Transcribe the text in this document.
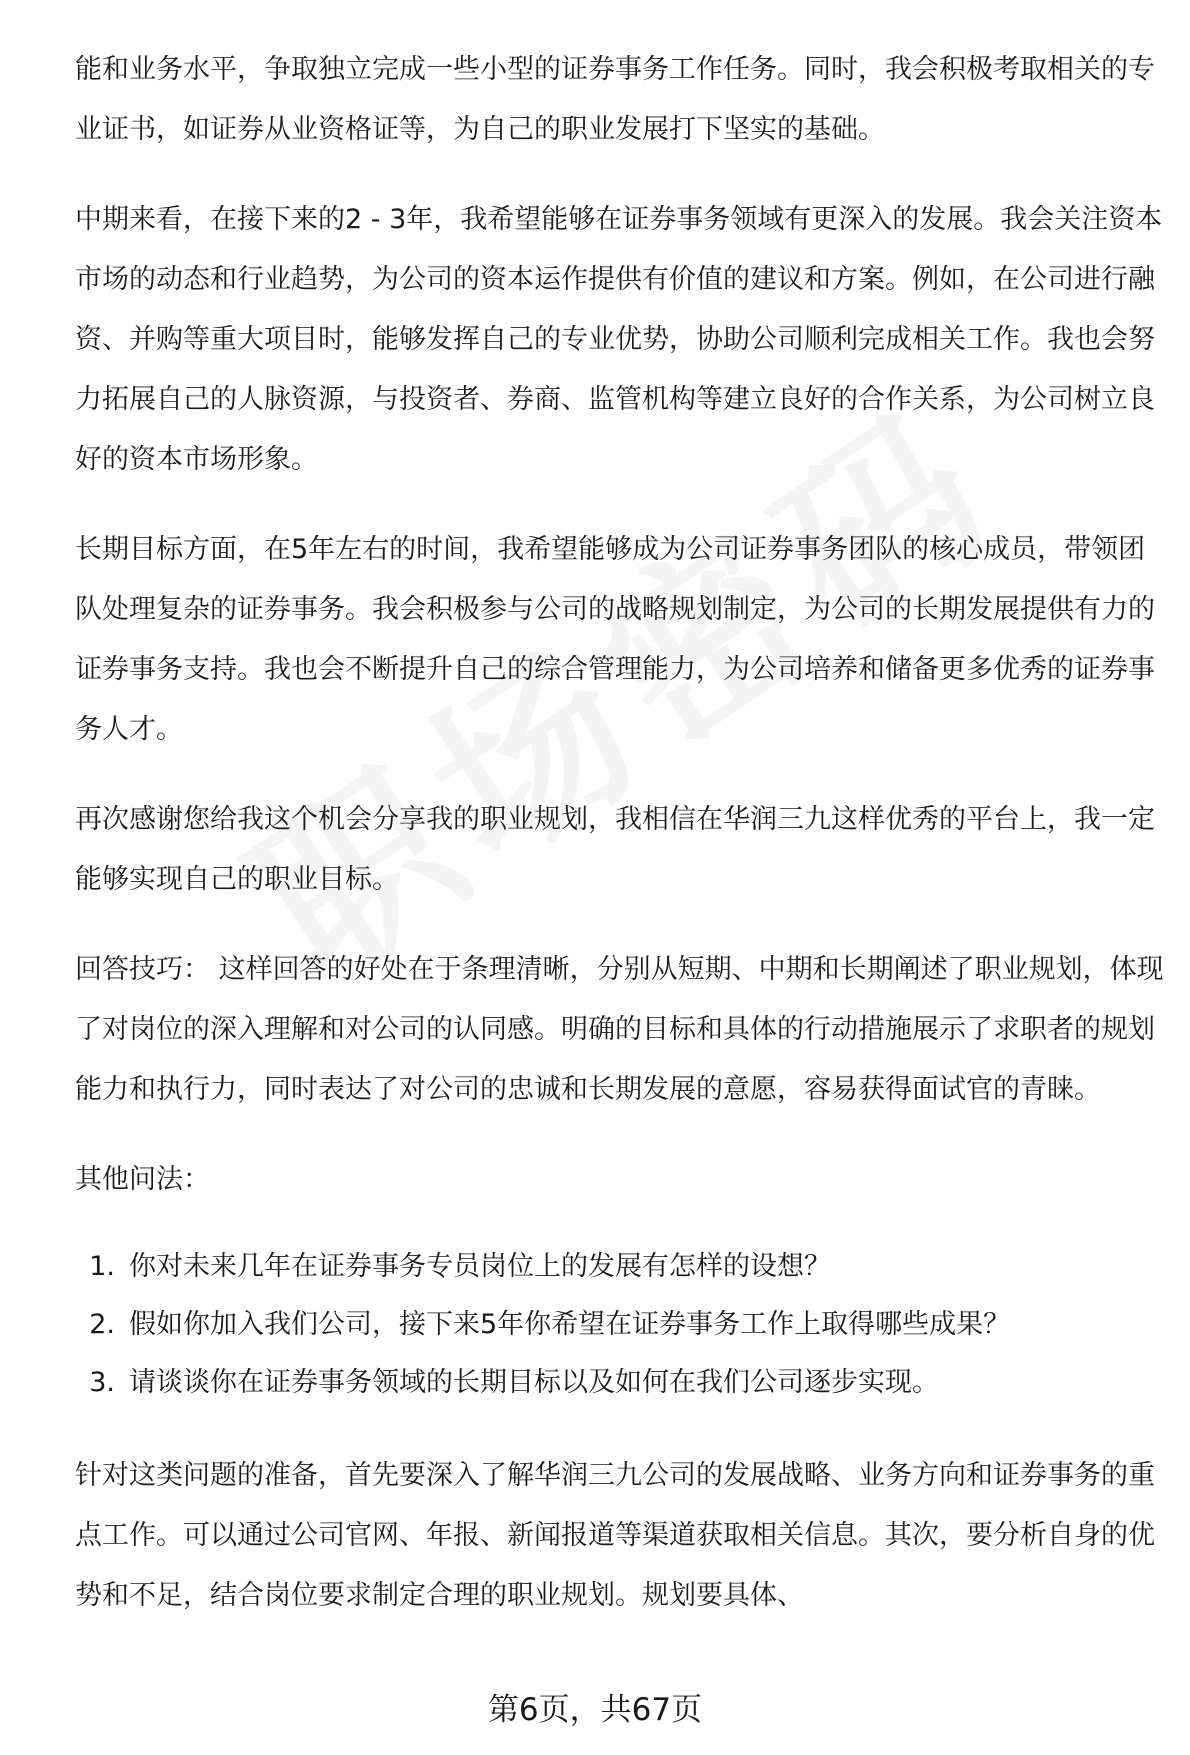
能和业务水平，争取独立完成一些小型的证券事务工作任务。同时，我会积极考取相关的专业证书，如证券从业资格证等，为自己的职业发展打下坚实的基础。

中期来看，在接下来的2 - 3年，我希望能够在证券事务领域有更深入的发展。我会关注资本市场的动态和行业趋势，为公司的资本运作提供有价值的建议和方案。例如，在公司进行融资、并购等重大项目时，能够发挥自己的专业优势，协助公司顺利完成相关工作。我也会努力拓展自己的人脉资源，与投资者、券商、监管机构等建立良好的合作关系，为公司树立良好的资本市场形象。

长期目标方面，在5年左右的时间，我希望能够成为公司证券事务团队的核心成员，带领团队处理复杂的证券事务。我会积极参与公司的战略规划制定，为公司的长期发展提供有力的证券事务支持。我也会不断提升自己的综合管理能力，为公司培养和储备更多优秀的证券事务人才。

再次感谢您给我这个机会分享我的职业规划，我相信在华润三九这样优秀的平台上，我一定能够实现自己的职业目标。

回答技巧： 这样回答的好处在于条理清晰，分别从短期、中期和长期阐述了职业规划，体现了对岗位的深入理解和对公司的认同感。明确的目标和具体的行动措施展示了求职者的规划能力和执行力，同时表达了对公司的忠诚和长期发展的意愿，容易获得面试官的青睐。

其他问法：

1. 你对未来几年在证券事务专员岗位上的发展有怎样的设想？
2. 假如你加入我们公司，接下来5年你希望在证券事务工作上取得哪些成果？
3. 请谈谈你在证券事务领域的长期目标以及如何在我们公司逐步实现。

针对这类问题的准备，首先要深入了解华润三九公司的发展战略、业务方向和证券事务的重点工作。可以通过公司官网、年报、新闻报道等渠道获取相关信息。其次，要分析自身的优势和不足，结合岗位要求制定合理的职业规划。规划要具体、

第6页，共67页
